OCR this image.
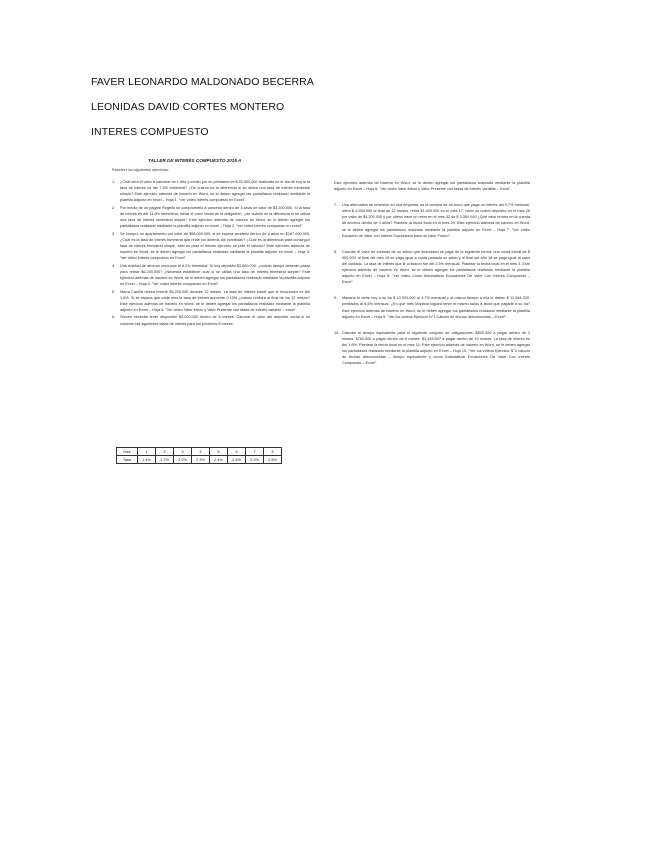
FAVER LEONARDO MALDONADO BECERRA
LEONIDAS DAVID CORTES MONTERO
INTERES COMPUESTO
TALLER DE INTERÉS COMPUESTO 2015 A
Resolver los siguientes ejercicios:
1.	¿Cuál será el valor a cancelar de 1 año y medio por un préstamo es $ 20.500.000 realizado en el día de hoy si la tasa de interés es del 7.5% trimestral? ¿De cuánto es la diferencia si se utiliza una tasa de interés trimestral simple? Este ejercicio además de hacerlo en Word, se le deben agregar las pantallazos realizado mediante la plantilla adjunto en excel – Hoja 1. "ver vídeo interés compuesto en Excel".
2.	Por medio de un pagaré Rogelio se comprometió a cancelar dentro de 3 años un valor de $3.200.000. Si la tasa de interés es del 11.6% semestral, hallar el valor inicial de la obligación, ¿de cuánto es la diferencia si se utiliza una tasa de interés semestral simple? Este ejercicio además de hacerlo en Word, se le deben agregar los pantallazos realizado mediante la plantilla adjunto en excel – Hoja 2. "ver vídeo interés compuesto en excel".
3.	Se compró un apartamento por valor de $58.000.000, si se espera venderlo dentro de 4 años en $167.000.000, ¿Cuál es la tasa de interés trimestral que rinde los dineros allí invertidos? ¿Cuál es la diferencia para conseguir tasa de interés trimestral simple, esto es para el mismo ejercicio se pide el cálculo? Este ejercicio además de hacerlo en Word, se le deben agregar los pantallazos realizado mediante la plantilla adjunto en excel – Hoja 3. "ver video interés compuesto en Excel".
4.	Una entidad de ahorros reconoce el 6.2% trimestral. Si hoy deposito $3.500.000, ¿cuánto tiempo deberán pasar para retirar $6.240.000? ¿Necesita establecer cuál si se utiliza una tasa de interés trimestral simple? Este ejercicio además de hacerlo en Word, se le deben agregar los pantallazos realizado mediante la plantilla adjunto en Excel – Hoja 4. "Ver vídeo interés compuesto en Excel".
5.	María Camila desea invertir $3.200.000 durante 12 meses. La tasa de interés inicial que le reconocen es del 1.6%. Si se espera que cada mes la tasa de interés aumente 0.15% ¿cuánto recibirá al final de los 12 meses? Este ejercicio además de hacerlo en Word, se le deben agregar los pantallazos realizado mediante la plantilla adjunto en Excel – Hoja 5. "Ver vídeo Valor futuro y Valor Presente con tasas de interés variable – excel".
6.	Steven necesita tener disponible $5.000.000 dentro de 8 meses. Calcular el valor del depósito inicial si se conocen las siguientes tasas de interés para los próximos 8 meses.
Mes	1	2	3	4	5	6	7	8
Tasa	1.4%	1.7%	2.0%	2.3%	2.4%	2.6%	2.3%	2.5%
Este ejercicio además de hacerlo en Word, se le deben agregar los pantallazos realizado mediante la plantilla adjunto en Excel – Hoja 6. "Ver vídeo Valor futuro y Valor Presente con tasas de interés Variable – Excel".
7.	Una alternativa de inversión en una empresa, es la compra de un bono que paga un interés del 4,7% mensual, retira $ 4.500.000 al final de 12 meses, retira $1.400.000 en el mes 17, hace un nuevo depósito en el mes 28 por valor de $4.200.000 y por último hace un retiro en el mes 32 de $ 3.300.000 ¿Qué valor tendrá en la cuenta de ahorros dentro de 4 años? Plantear la fecha focal en el mes 20. Este ejercicio además de hacerlo en Word, se le deben agregar los pantallazos realizado mediante la plantilla adjunto en Excel – Hoja 7. "Ver vídeo Ecuación de Valor con Interés Compuesto para un Valor Futuro".
8.	Calcular el valor de contado de un activo que financiado se paga de la siguiente forma: una cuota inicial de $ 500.000, al final del mes 10 se pagó igual a cuota pactada un saldo y al final del año 18 se pagó igual al valor del contado. La tasa de interés que le cobraron fue del 2.5% mensual. Plantear la fecha focal en el mes 4. Este ejercicio además de hacerlo en Word, se le deben agregar los pantallazos realizado mediante la plantilla adjunto en Excel – Hoja 8. "Ver vídeo Como Automatizar Ecuaciones De Valor Con Interés Compuesto – Excel".
9.	Mariana le debe hoy a su tía $ 10.000.000 al 4,7% mensual y al mismo tiempo a ella le deben $ 11.544.320, prestados al 4.5% mensual. ¿En qué mes Mariana logrará tener el mismo saldo a favor que pagarle a su tía? Este ejercicio además de hacerlo en Word, se le deben agregar los pantallazos realizado mediante la plantilla adjunto en Excel – Hoja 9. "Ver los vídeos Ejercicio N°1 Cálculo de fechas desconocidas – Excel".
10. Calcular el tiempo equivalente para el siguiente conjunto de obligaciones: $800.000 a pagar dentro de 3 meses, $750.000 a pagar dentro de 6 meses, $1.145.507 a pagar dentro de 10 meses. La tasa de interés es del 1.8%. Plantear la fecha focal en el mes 10. Este ejercicio además de hacerlo en Word, se le deben agregar los pantallazos realizado mediante la plantilla adjunto en Excel – Hoja 10. "Ver los vídeos Ejercicio N°2 cálculo de fechas desconocidas – tiempo equivalente y como Automatizar Ecuaciones De Valor Con Interés Compuesto – Excel".
